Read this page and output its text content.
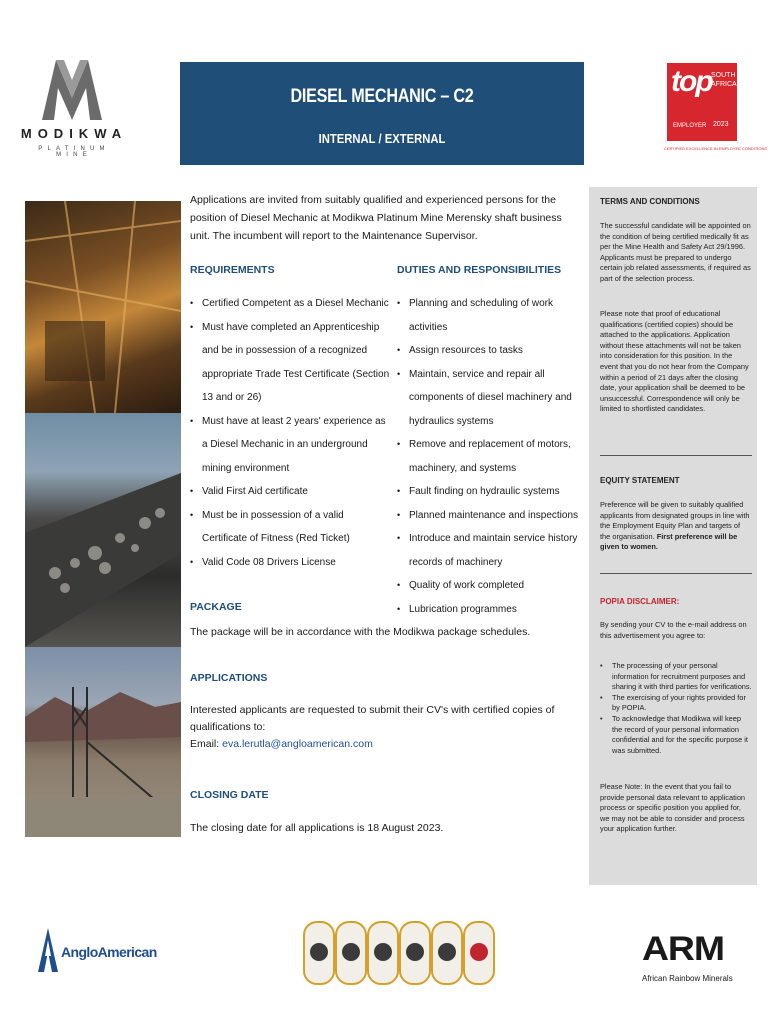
MODIKWA
PLATINUM MINE
DIESEL MECHANIC – C2
INTERNAL / EXTERNAL
top SOUTH
AFRICA
EMPLOYER 2023
CERTIFIED EXCELLENCE IN EMPLOYEE CONDITIONS
Applications are invited from suitably qualified and experienced persons for the position of Diesel Mechanic at Modikwa Platinum Mine Merensky shaft business unit. The incumbent will report to the Maintenance Supervisor.
REQUIREMENTS
• Certified Competent as a Diesel Mechanic
• Must have completed an Apprenticeship and be in possession of a recognized appropriate Trade Test Certificate (Section 13 and or 26)
• Must have at least 2 years' experience as a Diesel Mechanic in an underground mining environment
• Valid First Aid certificate
• Must be in possession of a valid Certificate of Fitness (Red Ticket)
• Valid Code 08 Drivers License
DUTIES AND RESPONSIBILITIES
• Planning and scheduling of work activities
• Assign resources to tasks
• Maintain, service and repair all components of diesel machinery and hydraulics systems
• Remove and replacement of motors, machinery, and systems
• Fault finding on hydraulic systems
• Planned maintenance and inspections
• Introduce and maintain service history records of machinery
• Quality of work completed
• Lubrication programmes
PACKAGE
The package will be in accordance with the Modikwa package schedules.
APPLICATIONS
Interested applicants are requested to submit their CV's with certified copies of qualifications to:
Email: eva.lerutla@angloamerican.com
CLOSING DATE
The closing date for all applications is 18 August 2023.
TERMS AND CONDITIONS
The successful candidate will be appointed on the condition of being certified medically fit as per the Mine Health and Safety Act 29/1996. Applicants must be prepared to undergo certain job related assessments, if required as part of the selection process.
Please note that proof of educational qualifications (certified copies) should be attached to the applications. Application without these attachments will not be taken into consideration for this position. In the event that you do not hear from the Company within a period of 21 days after the closing date, your application shall be deemed to be unsuccessful. Correspondence will only be limited to shortlisted candidates.
EQUITY STATEMENT
Preference will be given to suitably qualified applicants from designated groups in line with the Employment Equity Plan and targets of the organisation. First preference will be given to women.
POPIA DISCLAIMER:
By sending your CV to the e-mail address on this advertisement you agree to:
• The processing of your personal information for recruitment purposes and sharing it with third parties for verifications.
• The exercising of your rights provided for by POPIA.
• To acknowledge that Modikwa will keep the record of your personal information confidential and for the specific purpose it was submitted.
Please Note: In the event that you fail to provide personal data relevant to application process or specific position you applied for, we may not be able to consider and process your application further.
AngloAmerican	ARM
African Rainbow Minerals
